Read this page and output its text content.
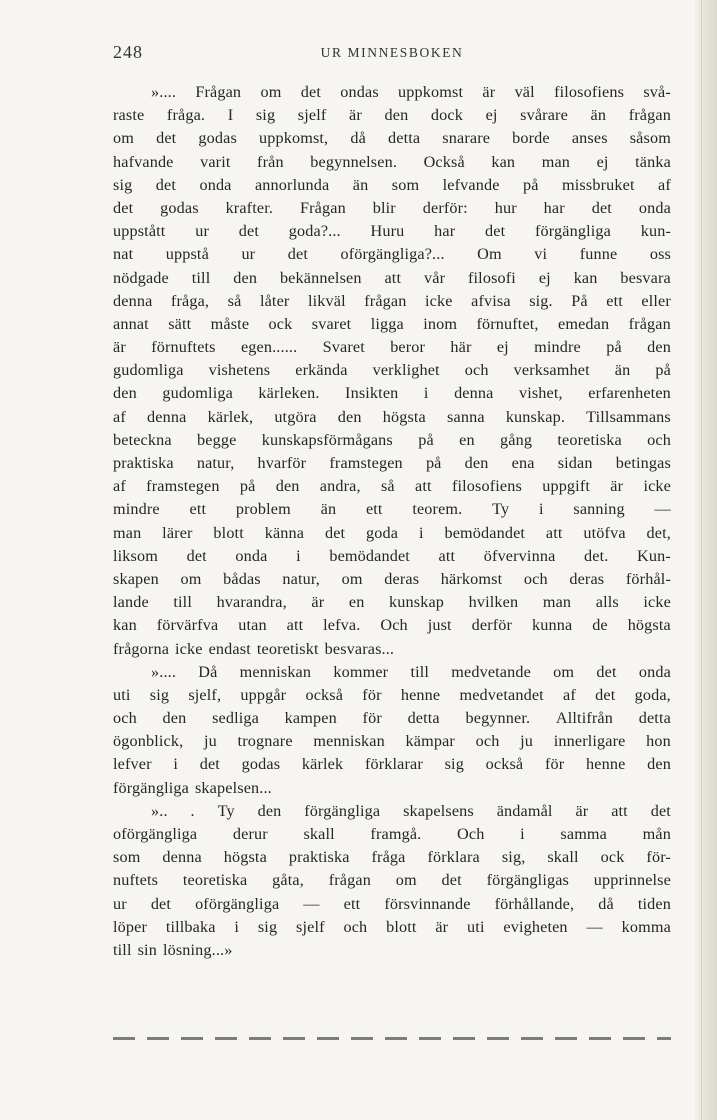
248	UR MINNESBOKEN
».... Frågan om det ondas uppkomst är väl filosofiens svå-
raste fråga. I sig sjelf är den dock ej svårare än frågan
om det godas uppkomst, då detta snarare borde anses såsom
hafvande varit från begynnelsen. Också kan man ej tänka
sig det onda annorlunda än som lefvande på missbruket af
det godas krafter. Frågan blir derför: hur har det onda
uppstått ur det goda?... Huru har det förgängliga kun-
nat uppstå ur det oförgängliga?... Om vi funne oss
nödgade till den bekännelsen att vår filosofi ej kan besvara
denna fråga, så låter likväl frågan icke afvisa sig. På ett eller
annat sätt måste ock svaret ligga inom förnuftet, emedan frågan
är förnuftets egen...... Svaret beror här ej mindre på den
gudomliga vishetens erkända verklighet och verksamhet än på
den gudomliga kärleken. Insikten i denna vishet, erfarenheten
af denna kärlek, utgöra den högsta sanna kunskap. Tillsammans
beteckna begge kunskapsförmågans på en gång teoretiska och
praktiska natur, hvarför framstegen på den ena sidan betingas
af framstegen på den andra, så att filosofiens uppgift är icke
mindre ett problem än ett teorem. Ty i sanning —
man lärer blott känna det goda i bemödandet att utöfva det,
liksom det onda i bemödandet att öfvervinna det. Kun-
skapen om bådas natur, om deras härkomst och deras förhål-
lande till hvarandra, är en kunskap hvilken man alls icke
kan förvärfva utan att lefva. Och just derför kunna de högsta
frågorna icke endast teoretiskt besvaras...
».... Då menniskan kommer till medvetande om det onda
uti sig sjelf, uppgår också för henne medvetandet af det goda,
och den sedliga kampen för detta begynner. Alltifrån detta
ögonblick, ju trognare menniskan kämpar och ju innerligare hon
lefver i det godas kärlek förklarar sig också för henne den
förgängliga skapelsen...
».. . Ty den förgängliga skapelsens ändamål är att det
oförgängliga derur skall framgå. Och i samma mån
som denna högsta praktiska fråga förklara sig, skall ock för-
nuftets teoretiska gåta, frågan om det förgängligas upprinnelse
ur det oförgängliga — ett försvinnande förhållande, då tiden
löper tillbaka i sig sjelf och blott är uti evigheten — komma
till sin lösning...»
